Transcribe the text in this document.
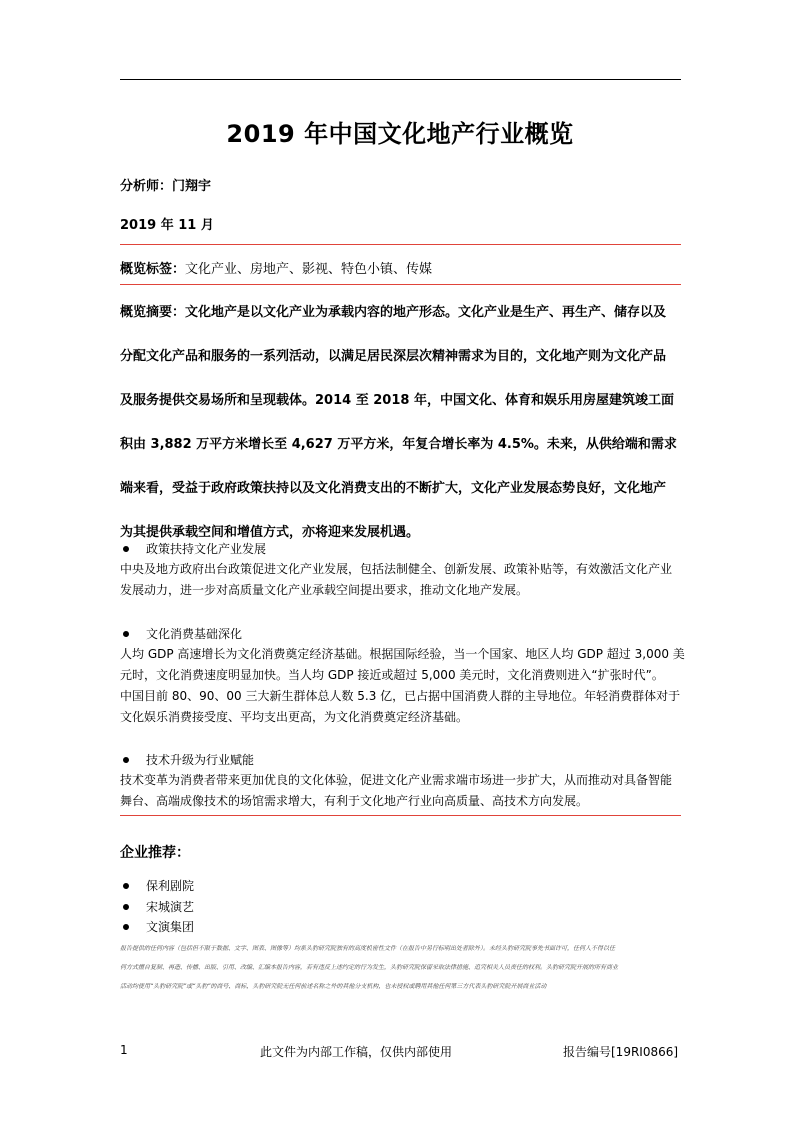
2019 年中国文化地产行业概览
分析师：门翔宇
2019 年 11 月
概览标签：文化产业、房地产、影视、特色小镇、传媒

概览摘要：文化地产是以文化产业为承载内容的地产形态。文化产业是生产、再生产、储存以及

分配文化产品和服务的一系列活动，以满足居民深层次精神需求为目的，文化地产则为文化产品

及服务提供交易场所和呈现载体。2014 至 2018 年，中国文化、体育和娱乐用房屋建筑竣工面

积由 3,882 万平方米增长至 4,627 万平方米，年复合增长率为 4.5%。未来，从供给端和需求

端来看，受益于政府政策扶持以及文化消费支出的不断扩大，文化产业发展态势良好，文化地产

为其提供承载空间和增值方式，亦将迎来发展机遇。

政策扶持文化产业发展

中央及地方政府出台政策促进文化产业发展，包括法制健全、创新发展、政策补贴等，有效激活文化产业

发展动力，进一步对高质量文化产业承载空间提出要求，推动文化地产发展。

文化消费基础深化

人均 GDP 高速增长为文化消费奠定经济基础。根据国际经验，当一个国家、地区人均 GDP 超过 3,000 美

元时，文化消费速度明显加快。当人均 GDP 接近或超过 5,000 美元时，文化消费则进入“扩张时代”。

中国目前 80、90、00 三大新生群体总人数 5.3 亿，已占据中国消费人群的主导地位。年轻消费群体对于

文化娱乐消费接受度、平均支出更高，为文化消费奠定经济基础。

技术升级为行业赋能

技术变革为消费者带来更加优良的文化体验，促进文化产业需求端市场进一步扩大，从而推动对具备智能

舞台、高端成像技术的场馆需求增大，有利于文化地产行业向高质量、高技术方向发展。

企业推荐：
保利剧院
宋城演艺
文演集团
报告提供的任何内容（包括但不限于数据、文字、图表、图像等）均系头豹研究院独有的高度机密性文件（在报告中另行标明出处者除外）。未经头豹研究院事先书面许可，任何人不得以任
何方式擅自复制、再造、传播、出版、引用、改编、汇编本报告内容，若有违反上述约定的行为发生，头豹研究院保留采取法律措施、追究相关人员责任的权利。头豹研究院开展的所有商业
活动均使用“头豹研究院”或“头豹”的商号、商标，头豹研究院无任何前述名称之外的其他分支机构，也未授权或聘用其他任何第三方代表头豹研究院开展商业活动
1	此文件为内部工作稿，仅供内部使用	报告编号[19RI0866]
